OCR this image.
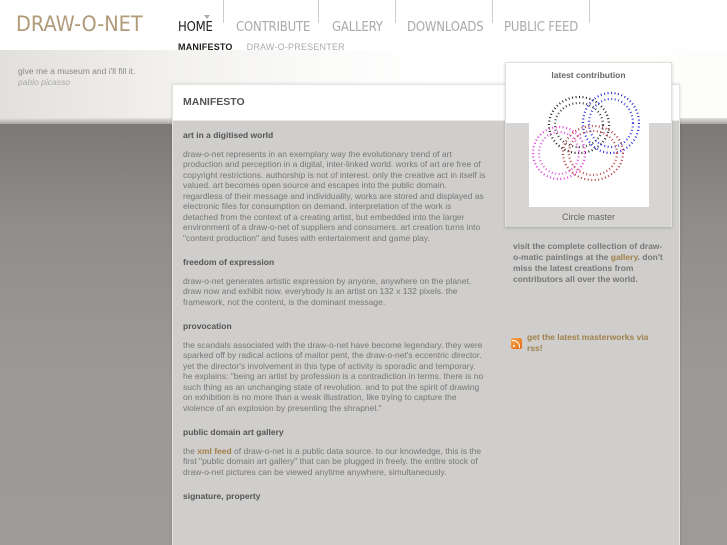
DRAW-O-NET	HOME	CONTRIBUTE	GALLERY	DOWNLOADS	PUBLIC FEED
MANIFESTO DRAW-O-PRESENTER
give me a museum and i'll fill it.
pablo picasso
MANIFESTO
art in a digitised world

draw-o-net represents in an exemplary way the evolutionary trend of art production and perception in a digital, inter-linked world. works of art are free of copyright restrictions. authorship is not of interest. only the creative act in itself is valued. art becomes open source and escapes into the public domain. regardless of their message and individuality, works are stored and displayed as electronic files for consumption on demand. interpretation of the work is detached from the context of a creating artist, but embedded into the larger environment of a draw-o-net of suppliers and consumers. art creation turns into "content production" and fuses with entertainment and game play.

freedom of expression

draw-o-net generates artistic expression by anyone, anywhere on the planet. draw now and exhibit now. everybody is an artist on 132 x 132 pixels. the framework, not the content, is the dominant message.

provocation

the scandals associated with the draw-o-net have become legendary. they were sparked off by radical actions of maitor pent, the draw-o-net's eccentric director. yet the director's involvement in this type of activity is sporadic and temporary. he explains: "being an artist by profession is a contradiction in terms. there is no such thing as an unchanging state of revolution. and to put the spirit of drawing on exhibition is no more than a weak illustration, like trying to capture the violence of an explosion by presenting the shrapnel."

public domain art gallery

the xml feed of draw-o-net is a public data source. to our knowledge, this is the first "public domain art gallery" that can be plugged in freely. the entire stock of draw-o-net pictures can be viewed anytime anywhere, simultaneously.

signature, property
latest contribution
Circle master
visit the complete collection of draw-o-matic paintings at the gallery. don't miss the latest creations from contributors all over the world.
get the latest masterworks via rss!
